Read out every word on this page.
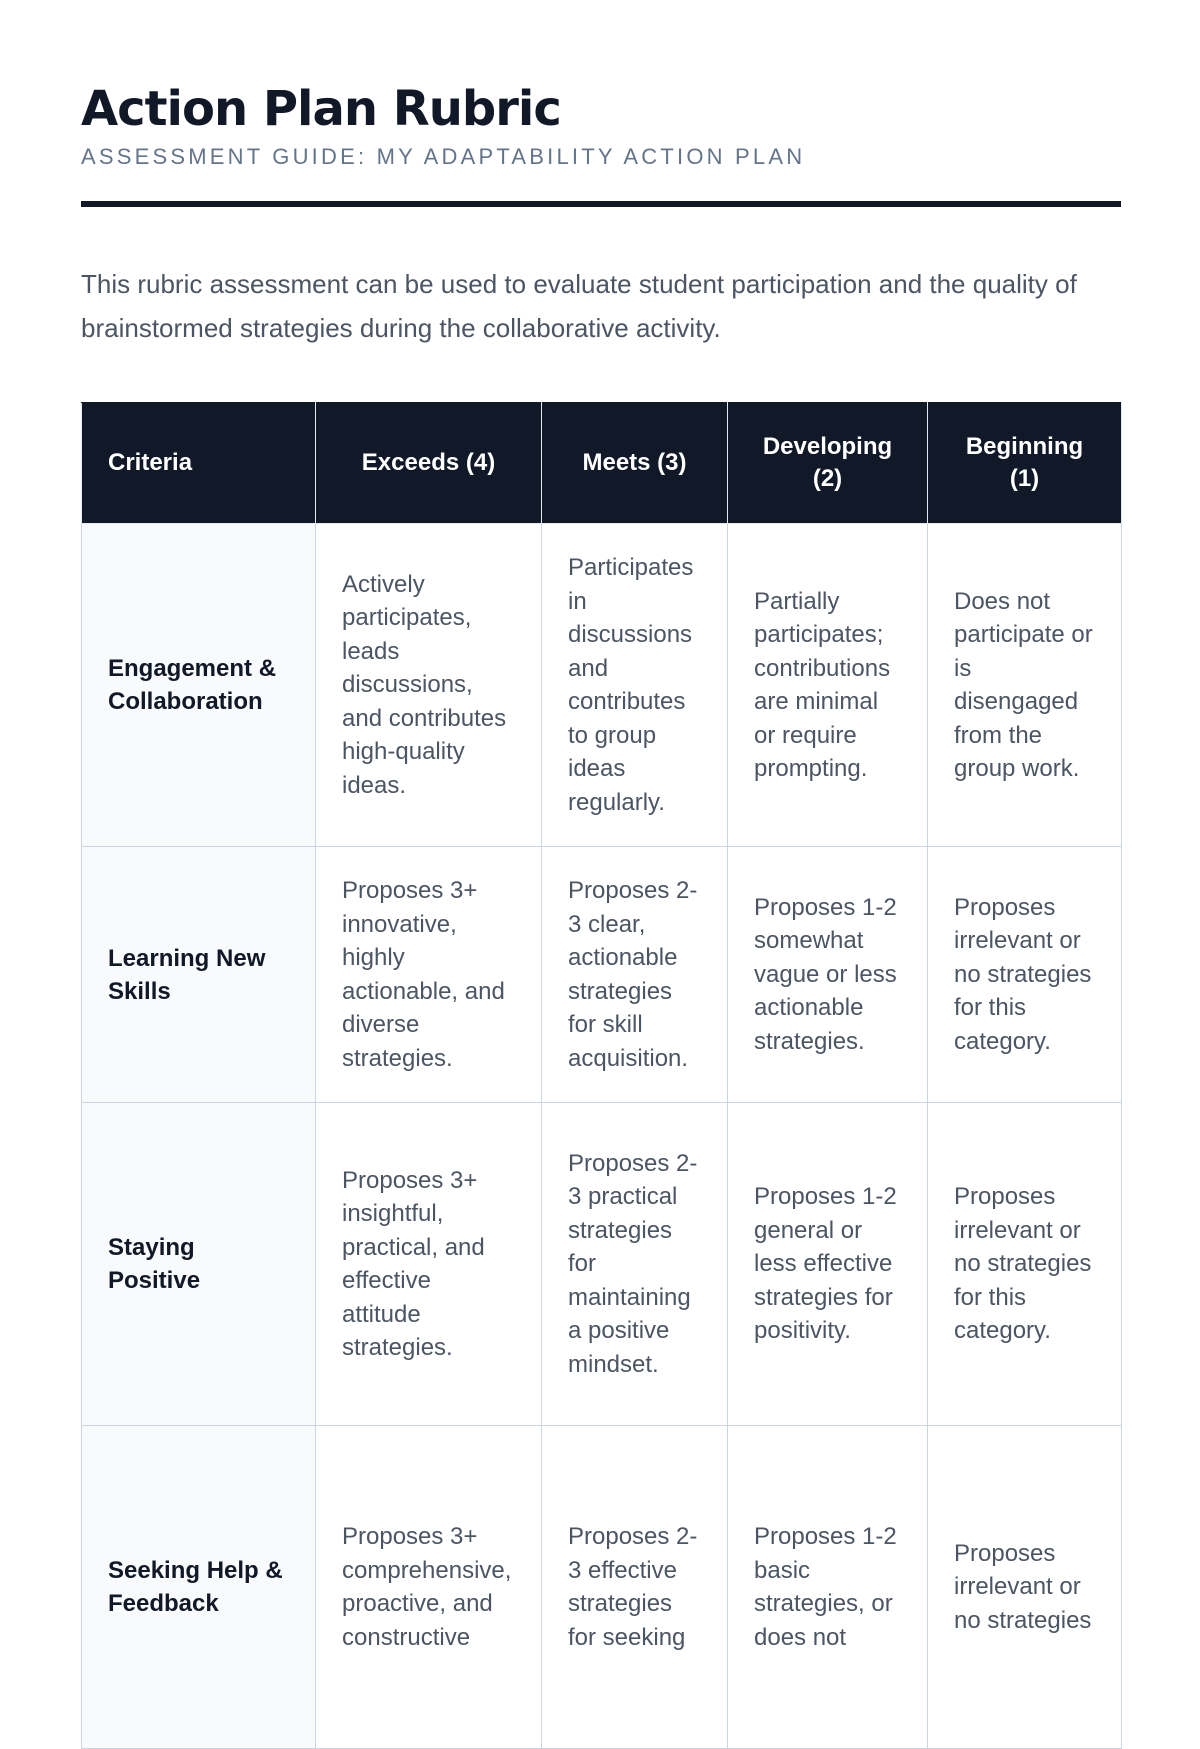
Action Plan Rubric
ASSESSMENT GUIDE: MY ADAPTABILITY ACTION PLAN

This rubric assessment can be used to evaluate student participation and the quality of brainstormed strategies during the collaborative activity.

Criteria	Exceeds (4)	Meets (3)	Developing (2)	Beginning (1)
Engagement & Collaboration	Actively participates, leads discussions, and contributes high-quality ideas.	Participates in discussions and contributes to group ideas regularly.	Partially participates; contributions are minimal or require prompting.	Does not participate or is disengaged from the group work.
Learning New Skills	Proposes 3+ innovative, highly actionable, and diverse strategies.	Proposes 2-3 clear, actionable strategies for skill acquisition.	Proposes 1-2 somewhat vague or less actionable strategies.	Proposes irrelevant or no strategies for this category.
Staying Positive	Proposes 3+ insightful, practical, and effective attitude strategies.	Proposes 2-3 practical strategies for maintaining a positive mindset.	Proposes 1-2 general or less effective strategies for positivity.	Proposes irrelevant or no strategies for this category.
Seeking Help & Feedback	Proposes 3+ comprehensive, proactive, and constructive	Proposes 2-3 effective strategies for seeking	Proposes 1-2 basic strategies, or does not	Proposes irrelevant or no strategies
